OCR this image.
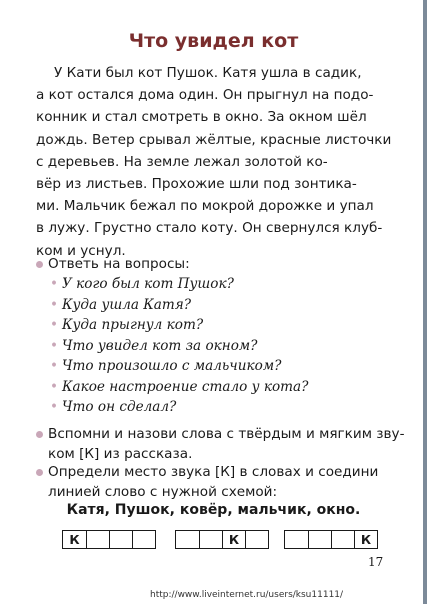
Что увидел кот
У Кати был кот Пушок. Катя ушла в садик,
а кот остался дома один. Он прыгнул на подо-
конник и стал смотреть в окно. За окном шёл
дождь. Ветер срывал жёлтые, красные листочки
с деревьев. На земле лежал золотой ко-
вёр из листьев. Прохожие шли под зонтика-
ми. Мальчик бежал по мокрой дорожке и упал
в лужу. Грустно стало коту. Он свернулся клуб-
ком и уснул.
Ответь на вопросы:
• У кого был кот Пушок?
• Куда ушла Катя?
• Куда прыгнул кот?
• Что увидел кот за окном?
• Что произошло с мальчиком?
• Какое настроение стало у кота?
• Что он сделал?
Вспомни и назови слова с твёрдым и мягким зву-
ком [К] из рассказа.
Определи место звука [К] в словах и соедини
линией слово с нужной схемой:
Катя, Пушок, ковёр, мальчик, окно.
К	К	К
17
http://www.liveinternet.ru/users/ksu11111/
